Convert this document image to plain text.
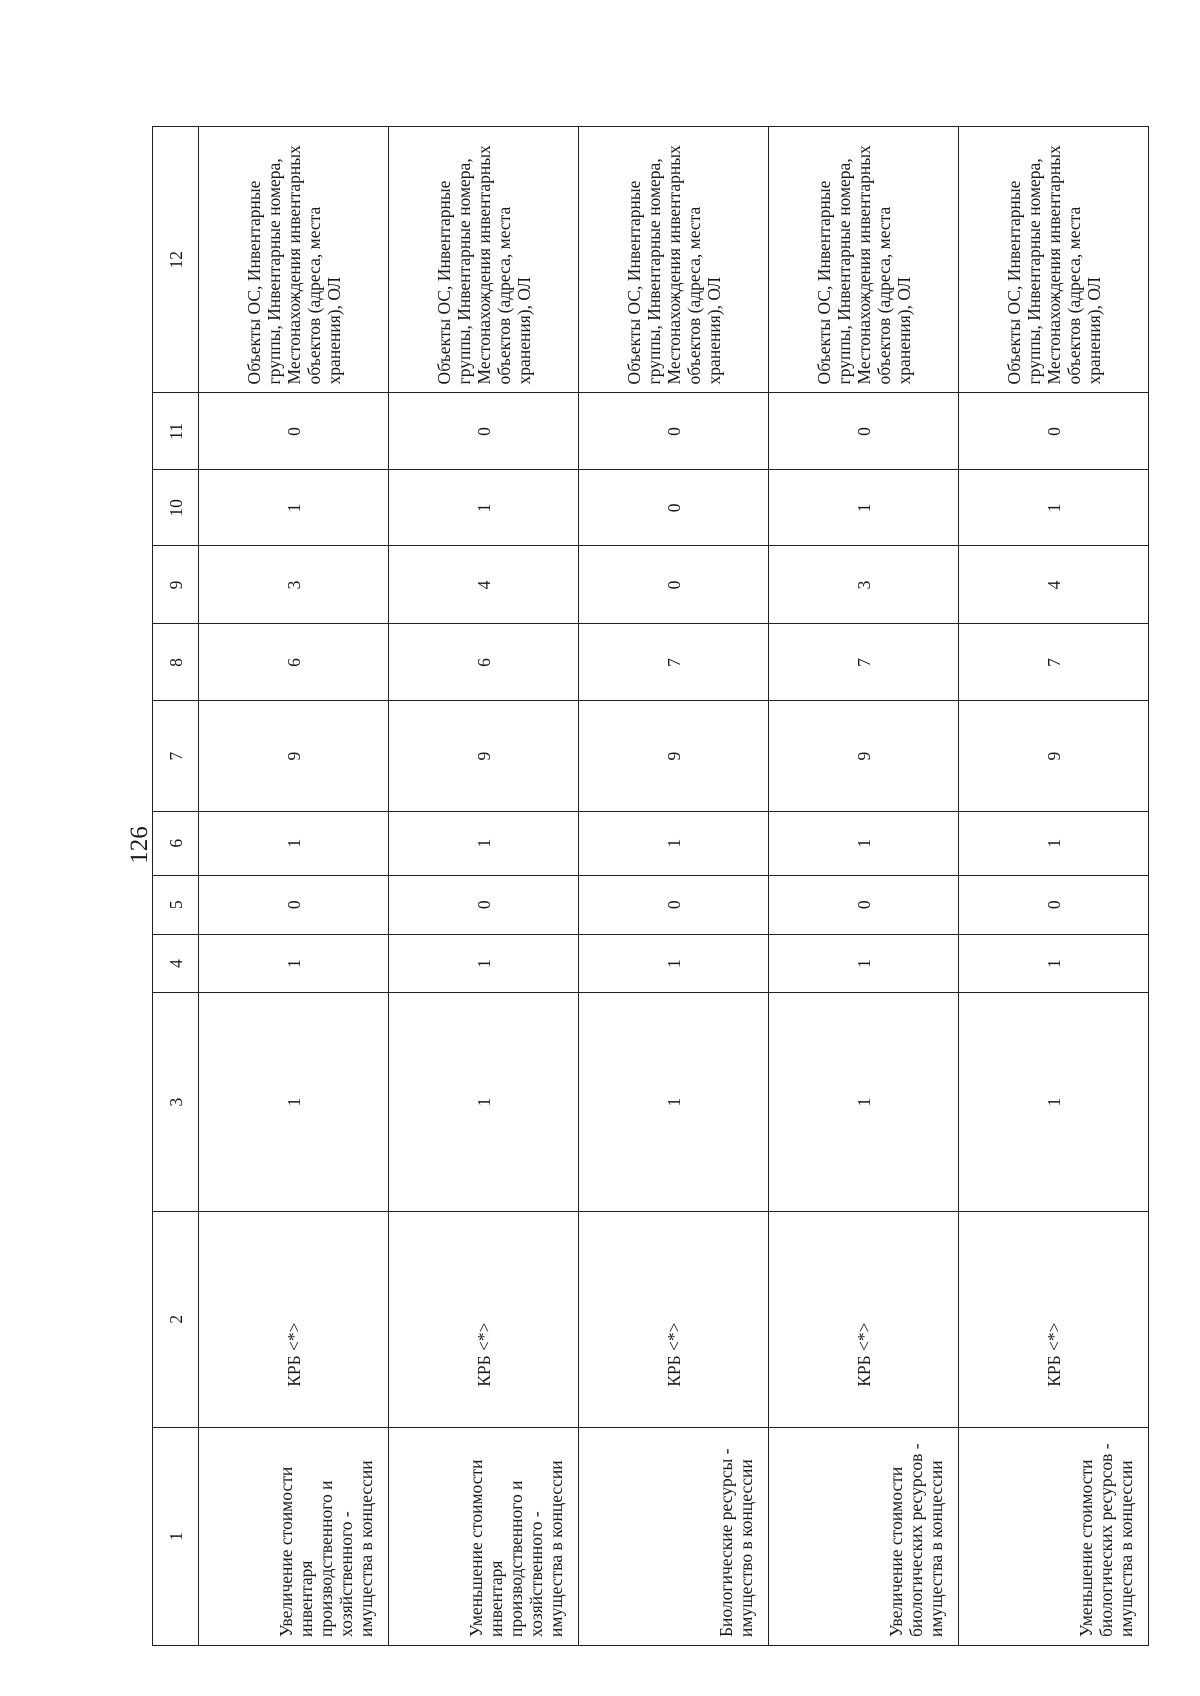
126
1	2	3	4	5	6	7	8	9	10	11	12

Увеличение стоимости инвентаря производственного и хозяйственного - имущества в концессии	КРБ <*>	1	1	0	1	9	6	3	1	0	Объекты ОС, Инвентарные группы, Инвентарные номера, Местонахождения инвентарных объектов (адреса, места хранения), ОЛ

Уменьшение стоимости инвентаря производственного и хозяйственного - имущества в концессии	КРБ <*>	1	1	0	1	9	6	4	1	0	Объекты ОС, Инвентарные группы, Инвентарные номера, Местонахождения инвентарных объектов (адреса, места хранения), ОЛ

Биологические ресурсы - имущество в концессии	КРБ <*>	1	1	0	1	9	7	0	0	0	Объекты ОС, Инвентарные группы, Инвентарные номера, Местонахождения инвентарных объектов (адреса, места хранения), ОЛ

Увеличение стоимости биологических ресурсов - имущества в концессии	КРБ <*>	1	1	0	1	9	7	3	1	0	Объекты ОС, Инвентарные группы, Инвентарные номера, Местонахождения инвентарных объектов (адреса, места хранения), ОЛ

Уменьшение стоимости биологических ресурсов - имущества в концессии	КРБ <*>	1	1	0	1	9	7	4	1	0	Объекты ОС, Инвентарные группы, Инвентарные номера, Местонахождения инвентарных объектов (адреса, места хранения), ОЛ
